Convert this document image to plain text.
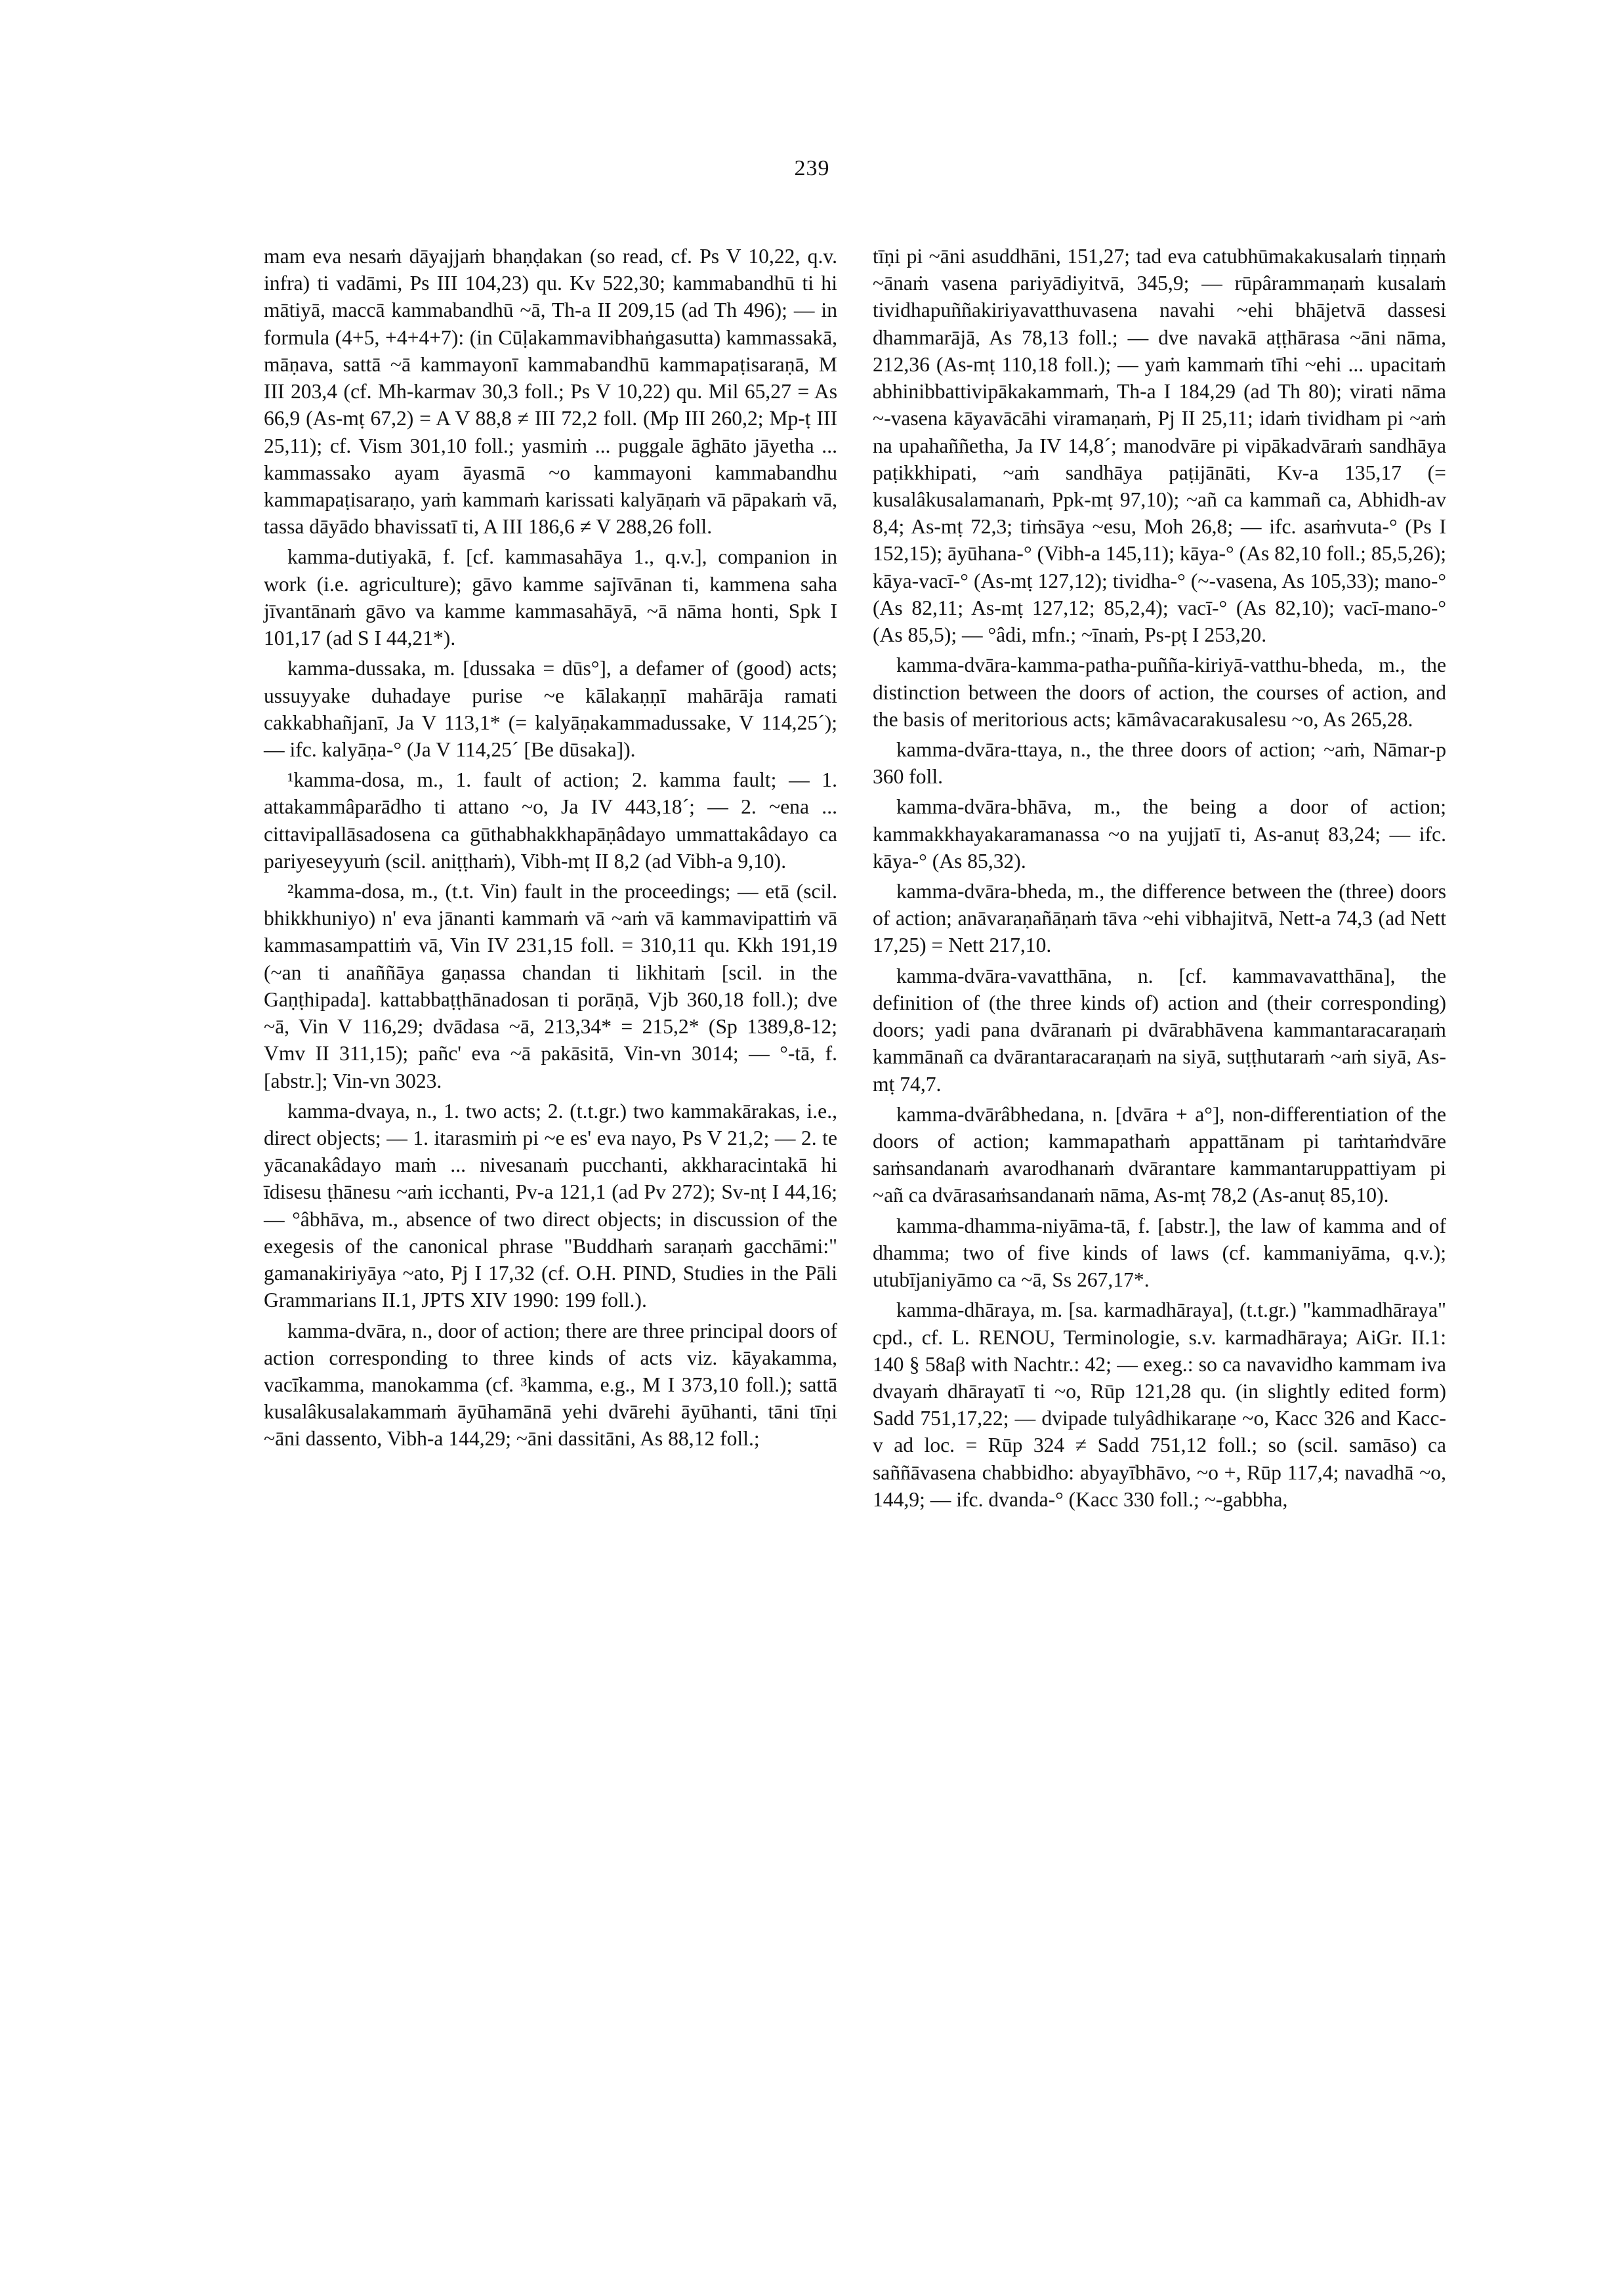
239

mam eva nesaṁ dāyajjaṁ bhaṇḍakan (so read, cf. Ps V 10,22, q.v. infra) ti vadāmi, Ps III 104,23) qu. Kv 522,30; kammabandhū ti hi mātiyā, maccā kammabandhū ~ā, Th-a II 209,15 (ad Th 496); — in formula (4+5, +4+4+7): (in Cūḷakammavibhaṅgasutta) kammassakā, māṇava, sattā ~ā kammayonī kammabandhū kammapaṭisaraṇā, M III 203,4 (cf. Mh-karmav 30,3 foll.; Ps V 10,22) qu. Mil 65,27 = As 66,9 (As-mṭ 67,2) = A V 88,8 ≠ III 72,2 foll. (Mp III 260,2; Mp-ṭ III 25,11); cf. Vism 301,10 foll.; yasmiṁ ... puggale āghāto jāyetha ... kammassako ayam āyasmā ~o kammayoni kammabandhu kammapaṭisaraṇo, yaṁ kammaṁ karissati kalyāṇaṁ vā pāpakaṁ vā, tassa dāyādo bhavissatī ti, A III 186,6 ≠ V 288,26 foll.

kamma-dutiyakā, f. [cf. kammasahāya 1., q.v.], companion in work (i.e. agriculture); gāvo kamme sajīvānan ti, kammena saha jīvantānaṁ gāvo va kamme kammasahāyā, ~ā nāma honti, Spk I 101,17 (ad S I 44,21*).

kamma-dussaka, m. [dussaka = dūs°], a defamer of (good) acts; ussuyyake duhadaye purise ~e kālakaṇṇī mahārāja ramati cakkabhañjanī, Ja V 113,1* (= kalyāṇakammadussake, V 114,25´); — ifc. kalyāṇa-° (Ja V 114,25´ [Be dūsaka]).

¹kamma-dosa, m., 1. fault of action; 2. kamma fault; — 1. attakammâparādho ti attano ~o, Ja IV 443,18´; — 2. ~ena ... cittavipallāsadosena ca gūthabhakkhapāṇâdayo ummattakâdayo ca pariyeseyyuṁ (scil. aniṭṭhaṁ), Vibh-mṭ II 8,2 (ad Vibh-a 9,10).

²kamma-dosa, m., (t.t. Vin) fault in the proceedings; — etā (scil. bhikkhuniyo) n' eva jānanti kammaṁ vā ~aṁ vā kammavipattiṁ vā kammasampattiṁ vā, Vin IV 231,15 foll. = 310,11 qu. Kkh 191,19 (~an ti anaññāya gaṇassa chandan ti likhitaṁ [scil. in the Gaṇṭhipada]. kattabbaṭṭhānadosan ti porāṇā, Vjb 360,18 foll.); dve ~ā, Vin V 116,29; dvādasa ~ā, 213,34* = 215,2* (Sp 1389,8-12; Vmv II 311,15); pañc' eva ~ā pakāsitā, Vin-vn 3014; — °-tā, f. [abstr.]; Vin-vn 3023.

kamma-dvaya, n., 1. two acts; 2. (t.t.gr.) two kammakārakas, i.e., direct objects; — 1. itarasmiṁ pi ~e es' eva nayo, Ps V 21,2; — 2. te yācanakâdayo maṁ ... nivesanaṁ pucchanti, akkharacintakā hi īdisesu ṭhānesu ~aṁ icchanti, Pv-a 121,1 (ad Pv 272); Sv-nṭ I 44,16; — °âbhāva, m., absence of two direct objects; in discussion of the exegesis of the canonical phrase "Buddhaṁ saraṇaṁ gacchāmi:" gamanakiriyāya ~ato, Pj I 17,32 (cf. O.H. PIND, Studies in the Pāli Grammarians II.1, JPTS XIV 1990: 199 foll.).

kamma-dvāra, n., door of action; there are three principal doors of action corresponding to three kinds of acts viz. kāyakamma, vacīkamma, manokamma (cf. ³kamma, e.g., M I 373,10 foll.); sattā kusalâkusalakammaṁ āyūhamānā yehi dvārehi āyūhanti, tāni tīṇi ~āni dassento, Vibh-a 144,29; ~āni dassitāni, As 88,12 foll.;

tīṇi pi ~āni asuddhāni, 151,27; tad eva catubhūmakakusalaṁ tiṇṇaṁ ~ānaṁ vasena pariyādiyitvā, 345,9; — rūpârammaṇaṁ kusalaṁ tividhapuññakiriyavatthuvasena navahi ~ehi bhājetvā dassesi dhammarājā, As 78,13 foll.; — dve navakā aṭṭhārasa ~āni nāma, 212,36 (As-mṭ 110,18 foll.); — yaṁ kammaṁ tīhi ~ehi ... upacitaṁ abhinibbattivipākakammaṁ, Th-a I 184,29 (ad Th 80); virati nāma ~-vasena kāyavācāhi viramaṇaṁ, Pj II 25,11; idaṁ tividham pi ~aṁ na upahaññetha, Ja IV 14,8´; manodvāre pi vipākadvāraṁ sandhāya paṭikkhipati, ~aṁ sandhāya paṭijānāti, Kv-a 135,17 (= kusalâkusalamanaṁ, Ppk-mṭ 97,10); ~añ ca kammañ ca, Abhidh-av 8,4; As-mṭ 72,3; tiṁsāya ~esu, Moh 26,8; — ifc. asaṁvuta-° (Ps I 152,15); āyūhana-° (Vibh-a 145,11); kāya-° (As 82,10 foll.; 85,5,26); kāya-vacī-° (As-mṭ 127,12); tividha-° (~-vasena, As 105,33); mano-° (As 82,11; As-mṭ 127,12; 85,2,4); vacī-° (As 82,10); vacī-mano-° (As 85,5); — °âdi, mfn.; ~īnaṁ, Ps-pṭ I 253,20.

kamma-dvāra-kamma-patha-puñña-kiriyā-vatthu-bheda, m., the distinction between the doors of action, the courses of action, and the basis of meritorious acts; kāmâvacarakusalesu ~o, As 265,28.

kamma-dvāra-ttaya, n., the three doors of action; ~aṁ, Nāmar-p 360 foll.

kamma-dvāra-bhāva, m., the being a door of action; kammakkhayakaramanassa ~o na yujjatī ti, As-anuṭ 83,24; — ifc. kāya-° (As 85,32).

kamma-dvāra-bheda, m., the difference between the (three) doors of action; anāvaraṇañāṇaṁ tāva ~ehi vibhajitvā, Nett-a 74,3 (ad Nett 17,25) = Nett 217,10.

kamma-dvāra-vavatthāna, n. [cf. kammavavatthāna], the definition of (the three kinds of) action and (their corresponding) doors; yadi pana dvāranaṁ pi dvārabhāvena kammantaracaraṇaṁ kammānañ ca dvārantaracaraṇaṁ na siyā, suṭṭhutaraṁ ~aṁ siyā, As-mṭ 74,7.

kamma-dvārâbhedana, n. [dvāra + a°], non-differentiation of the doors of action; kammapathaṁ appattānam pi taṁtaṁdvāre saṁsandanaṁ avarodhanaṁ dvārantare kammantaruppattiyam pi ~añ ca dvārasaṁsandanaṁ nāma, As-mṭ 78,2 (As-anuṭ 85,10).

kamma-dhamma-niyāma-tā, f. [abstr.], the law of kamma and of dhamma; two of five kinds of laws (cf. kammaniyāma, q.v.); utubījaniyāmo ca ~ā, Ss 267,17*.

kamma-dhāraya, m. [sa. karmadhāraya], (t.t.gr.) "kammadhāraya" cpd., cf. L. RENOU, Terminologie, s.v. karmadhāraya; AiGr. II.1: 140 § 58aβ with Nachtr.: 42; — exeg.: so ca navavidho kammam iva dvayaṁ dhārayatī ti ~o, Rūp 121,28 qu. (in slightly edited form) Sadd 751,17,22; — dvipade tulyâdhikaraṇe ~o, Kacc 326 and Kacc-v ad loc. = Rūp 324 ≠ Sadd 751,12 foll.; so (scil. samāso) ca saññāvasena chabbidho: abyayībhāvo, ~o +, Rūp 117,4; navadhā ~o, 144,9; — ifc. dvanda-° (Kacc 330 foll.; ~-gabbha,
